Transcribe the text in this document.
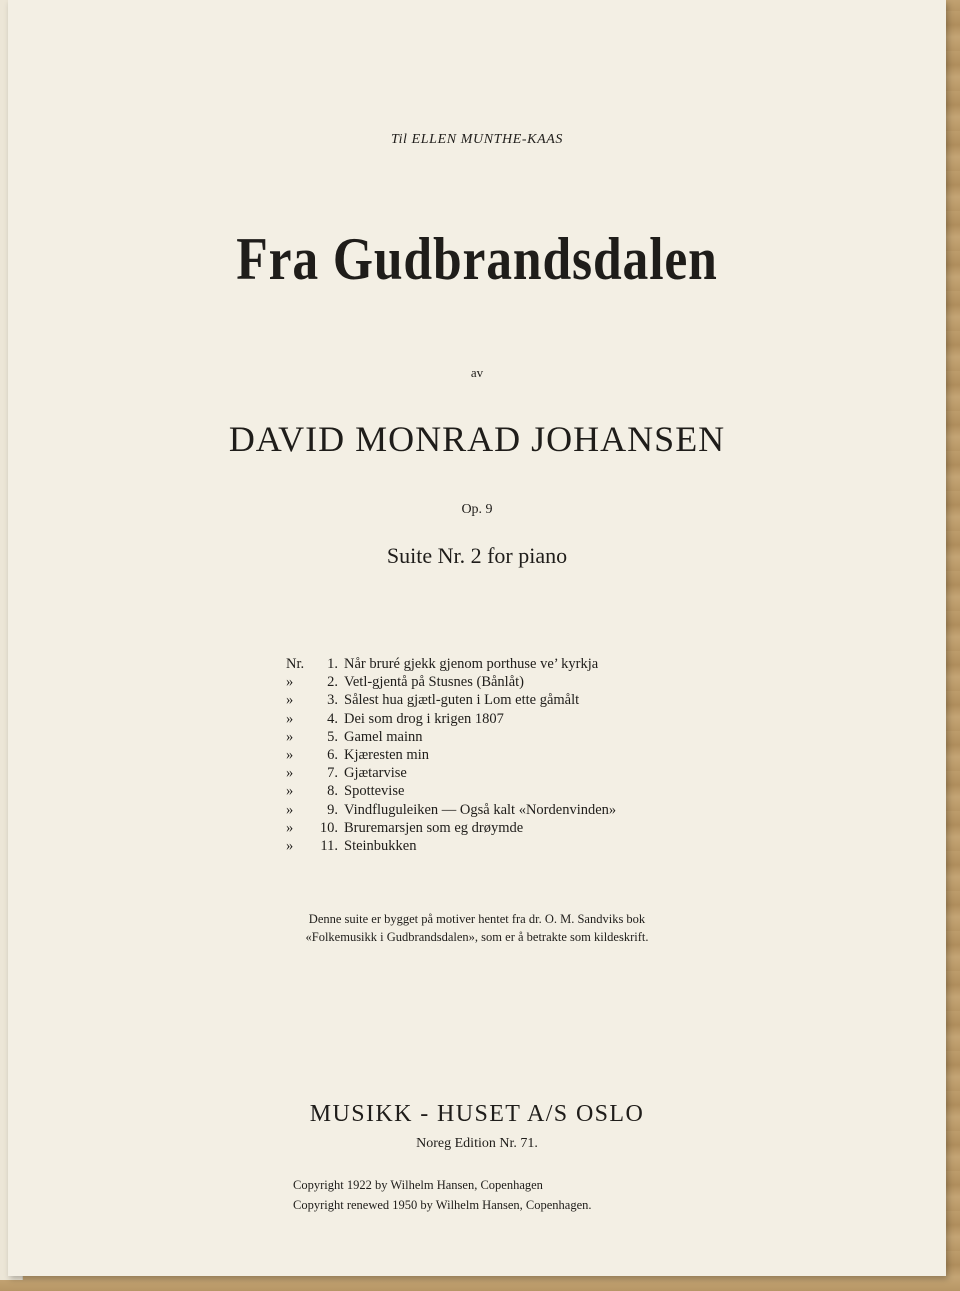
Til ELLEN MUNTHE-KAAS
Fra Gudbrandsdalen
av
DAVID MONRAD JOHANSEN
Op. 9
Suite Nr. 2 for piano
Nr. 1. Når bruré gjekk gjenom porthuse ve’ kyrkja
» 2. Vetl-gjentå på Stusnes (Bånlåt)
» 3. Sålest hua gjætl-guten i Lom ette gåmålt
» 4. Dei som drog i krigen 1807
» 5. Gamel mainn
» 6. Kjæresten min
» 7. Gjætarvise
» 8. Spottevise
» 9. Vindfluguleiken — Også kalt «Nordenvinden»
» 10. Bruremarsjen som eg drøymde
» 11. Steinbukken
Denne suite er bygget på motiver hentet fra dr. O. M. Sandviks bok
«Folkemusikk i Gudbrandsdalen», som er å betrakte som kildeskrift.
MUSIKK - HUSET A/S OSLO
Noreg Edition Nr. 71.
Copyright 1922 by Wilhelm Hansen, Copenhagen
Copyright renewed 1950 by Wilhelm Hansen, Copenhagen.
